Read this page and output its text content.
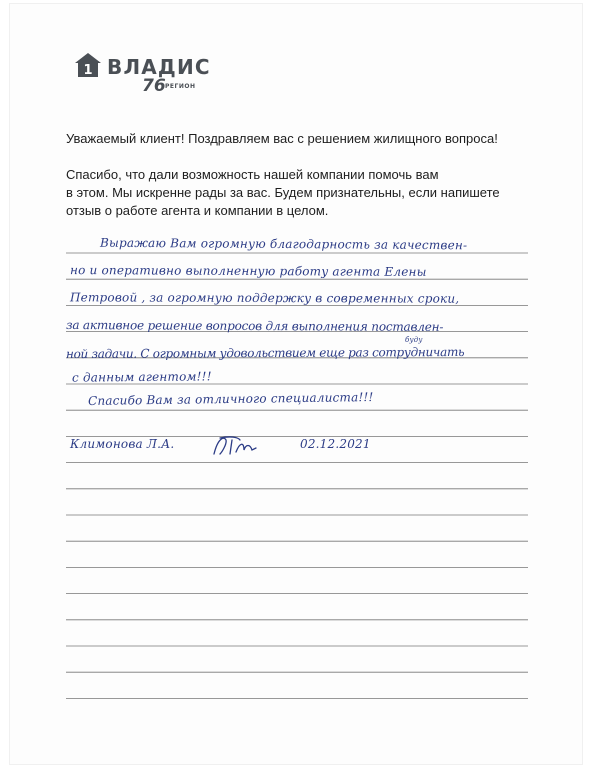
1 ВЛАДИС
76 РЕГИОН
Уважаемый клиент! Поздравляем вас с решением жилищного вопроса!
Спасибо, что дали возможность нашей компании помочь вам
в этом. Мы искренне рады за вас. Будем признательны, если напишете
отзыв о работе агента и компании в целом.
Выражаю Вам огромную благодарность за качествен-
но и оперативно выполненную работу агента Елены
Петровой , за огромную поддержку в современных сроки,
за активное решение вопросов для выполнения поставлен-
ной задачи. С огромным удовольствием еще раз сотрудничать
буду
с данным агентом!!!
Спасибо Вам за отличного специалиста!!!
Климонова Л.А.	02.12.2021
